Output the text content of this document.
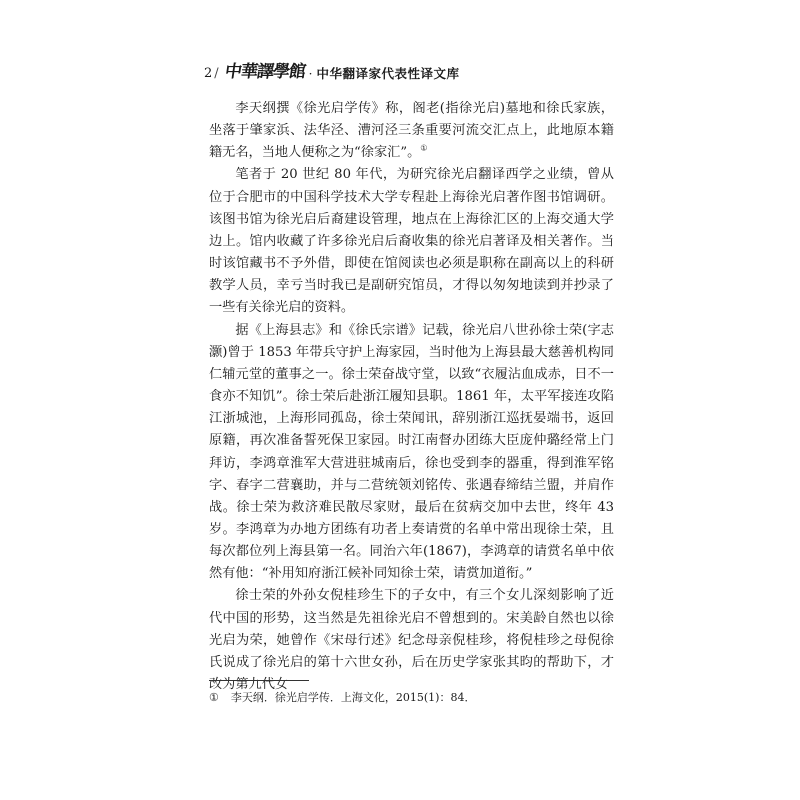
2 / 中華譯學館 · 中华翻译家代表性译文库

李天纲撰《徐光启学传》称，阁老(指徐光启)墓地和徐氏家族，坐落于肇家浜、法华泾、漕河泾三条重要河流交汇点上，此地原本籍籍无名，当地人便称之为“徐家汇”。①

笔者于 20 世纪 80 年代，为研究徐光启翻译西学之业绩，曾从位于合肥市的中国科学技术大学专程赴上海徐光启著作图书馆调研。该图书馆为徐光启后裔建设管理，地点在上海徐汇区的上海交通大学边上。馆内收藏了许多徐光启后裔收集的徐光启著译及相关著作。当时该馆藏书不予外借，即使在馆阅读也必须是职称在副高以上的科研教学人员，幸亏当时我已是副研究馆员，才得以匆匆地读到并抄录了一些有关徐光启的资料。

据《上海县志》和《徐氏宗谱》记载，徐光启八世孙徐士荣(字志灏)曾于 1853 年带兵守护上海家园，当时他为上海县最大慈善机构同仁辅元堂的董事之一。徐士荣奋战守堂，以致“衣履沾血成赤，日不一食亦不知饥”。徐士荣后赴浙江履知县职。1861 年，太平军接连攻陷江浙城池，上海形同孤岛，徐士荣闻讯，辞别浙江巡抚晏端书，返回原籍，再次准备誓死保卫家园。时江南督办团练大臣庞仲璐经常上门拜访，李鸿章淮军大营进驻城南后，徐也受到李的器重，得到淮军铭字、春字二营襄助，并与二营统领刘铭传、张遇春缔结兰盟，并肩作战。徐士荣为救济难民散尽家财，最后在贫病交加中去世，终年 43 岁。李鸿章为办地方团练有功者上奏请赏的名单中常出现徐士荣，且每次都位列上海县第一名。同治六年(1867)，李鸿章的请赏名单中依然有他：“补用知府浙江候补同知徐士荣，请赏加道衔。”

徐士荣的外孙女倪桂珍生下的子女中，有三个女儿深刻影响了近代中国的形势，这当然是先祖徐光启不曾想到的。宋美龄自然也以徐光启为荣，她曾作《宋母行述》纪念母亲倪桂珍，将倪桂珍之母倪徐氏说成了徐光启的第十六世女孙，后在历史学家张其昀的帮助下，才改为第九代女

① 李天纲．徐光启学传．上海文化，2015(1)：84．
